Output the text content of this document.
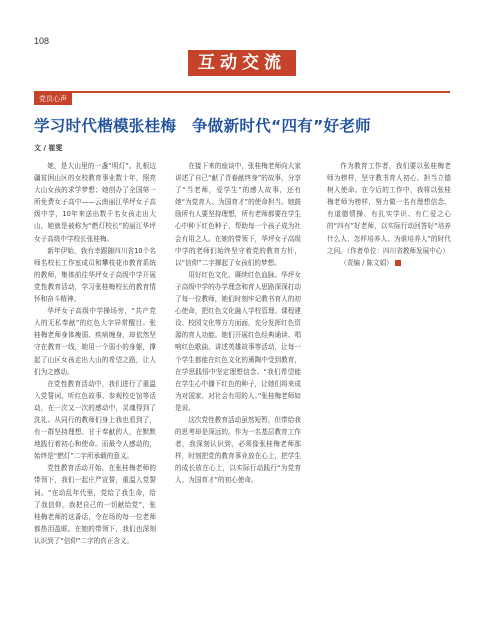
108
互动交流
党员心声
学习时代楷模张桂梅　争做新时代“四有”好老师
文 / 崔雯

她，是大山里的一盏“明灯”。扎根边疆贫困山区的女校教育事业数十年，照亮大山女孩的求学梦想；她创办了全国第一所免费女子高中——云南丽江华坪女子高级中学，10年来送出数千名女孩走出大山，她就是被称为“燃灯校长”的丽江华坪女子高级中学校长张桂梅。

新年伊始，我有幸跟随四川省10个名师名校长工作室成员和攀枝花市教育系统的教师，集体前往华坪女子高级中学开展党性教育活动，学习张桂梅校长的教育情怀和奋斗精神。

华坪女子高级中学操场旁，“共产党人的无私奉献”的红色大字异常醒目。张桂梅老师身体瘦弱、疾病缠身，却依然坚守在教育一线，她用一个弱小的身躯，撑起了山区女孩走出大山的希望之路，让人们为之感动。

在党性教育活动中，我们进行了重温入党誓词、听红色故事、参观校史馆等活动，在一次又一次的感动中，灵魂得到了洗礼。从同行的教师们身上我也看到了，有一群坚持理想、甘于奉献的人，在默默地践行着初心和使命。而最令人感动的，始终是“燃灯”二字所承载的意义。

党性教育活动开始，在张桂梅老师的带领下，我们一起庄严宣誓，重温入党誓词。“在动乱年代里，党给了我生命，给了我信仰，我把自己的一切献给党”，张桂梅老师的这番话，令在场的每一位老师都热泪盈眶。在她的带领下，我们也深刻认识到了“信仰”二字的真正含义。

在接下来的座谈中，张桂梅老师向大家讲述了自己“献了青春献终身”的故事，分享了“当老师，爱学生”的感人故事，还有她“为党育人、为国育才”的使命担当。她鼓励所有人要坚持理想，所有老师都要在学生心中种下红色种子，帮助每一个孩子成为社会有用之人。在她的带领下，华坪女子高级中学的老师们始终坚守着党的教育方针，以“信仰”二字撑起了女孩们的梦想。

用好红色文化，赓续红色血脉。华坪女子高级中学的办学理念和育人思路深深打动了每一位教师，她们时刻牢记教书育人的初心使命，把红色文化融入学校管理、课程建设、校园文化等方方面面，充分发挥红色资源的育人功能。她们开展红色经典诵读、唱响红色歌曲、讲述英雄故事等活动，让每一个学生都能在红色文化的熏陶中受到教育，在学思践悟中坚定理想信念。“我们希望能在学生心中播下红色的种子，让她们将来成为对国家、对社会有用的人。”张桂梅老师如是说。

这次党性教育活动虽然短暂，但带给我的思考却是深远的。作为一名基层教育工作者，我深刻认识到，必须像张桂梅老师那样，时刻把党的教育事业放在心上，把学生的成长放在心上，以实际行动践行“为党育人、为国育才”的初心使命。

作为教育工作者，我们要以张桂梅老师为榜样，坚守教书育人初心，担当立德树人使命。在今后的工作中，我将以张桂梅老师为榜样，努力做一名有理想信念、有道德情操、有扎实学识、有仁爱之心的“四有”好老师，以实际行动回答好“培养什么人、怎样培养人、为谁培养人”的时代之问。（作者单位：四川省教师发展中心）

（责编 / 陈文娟）
